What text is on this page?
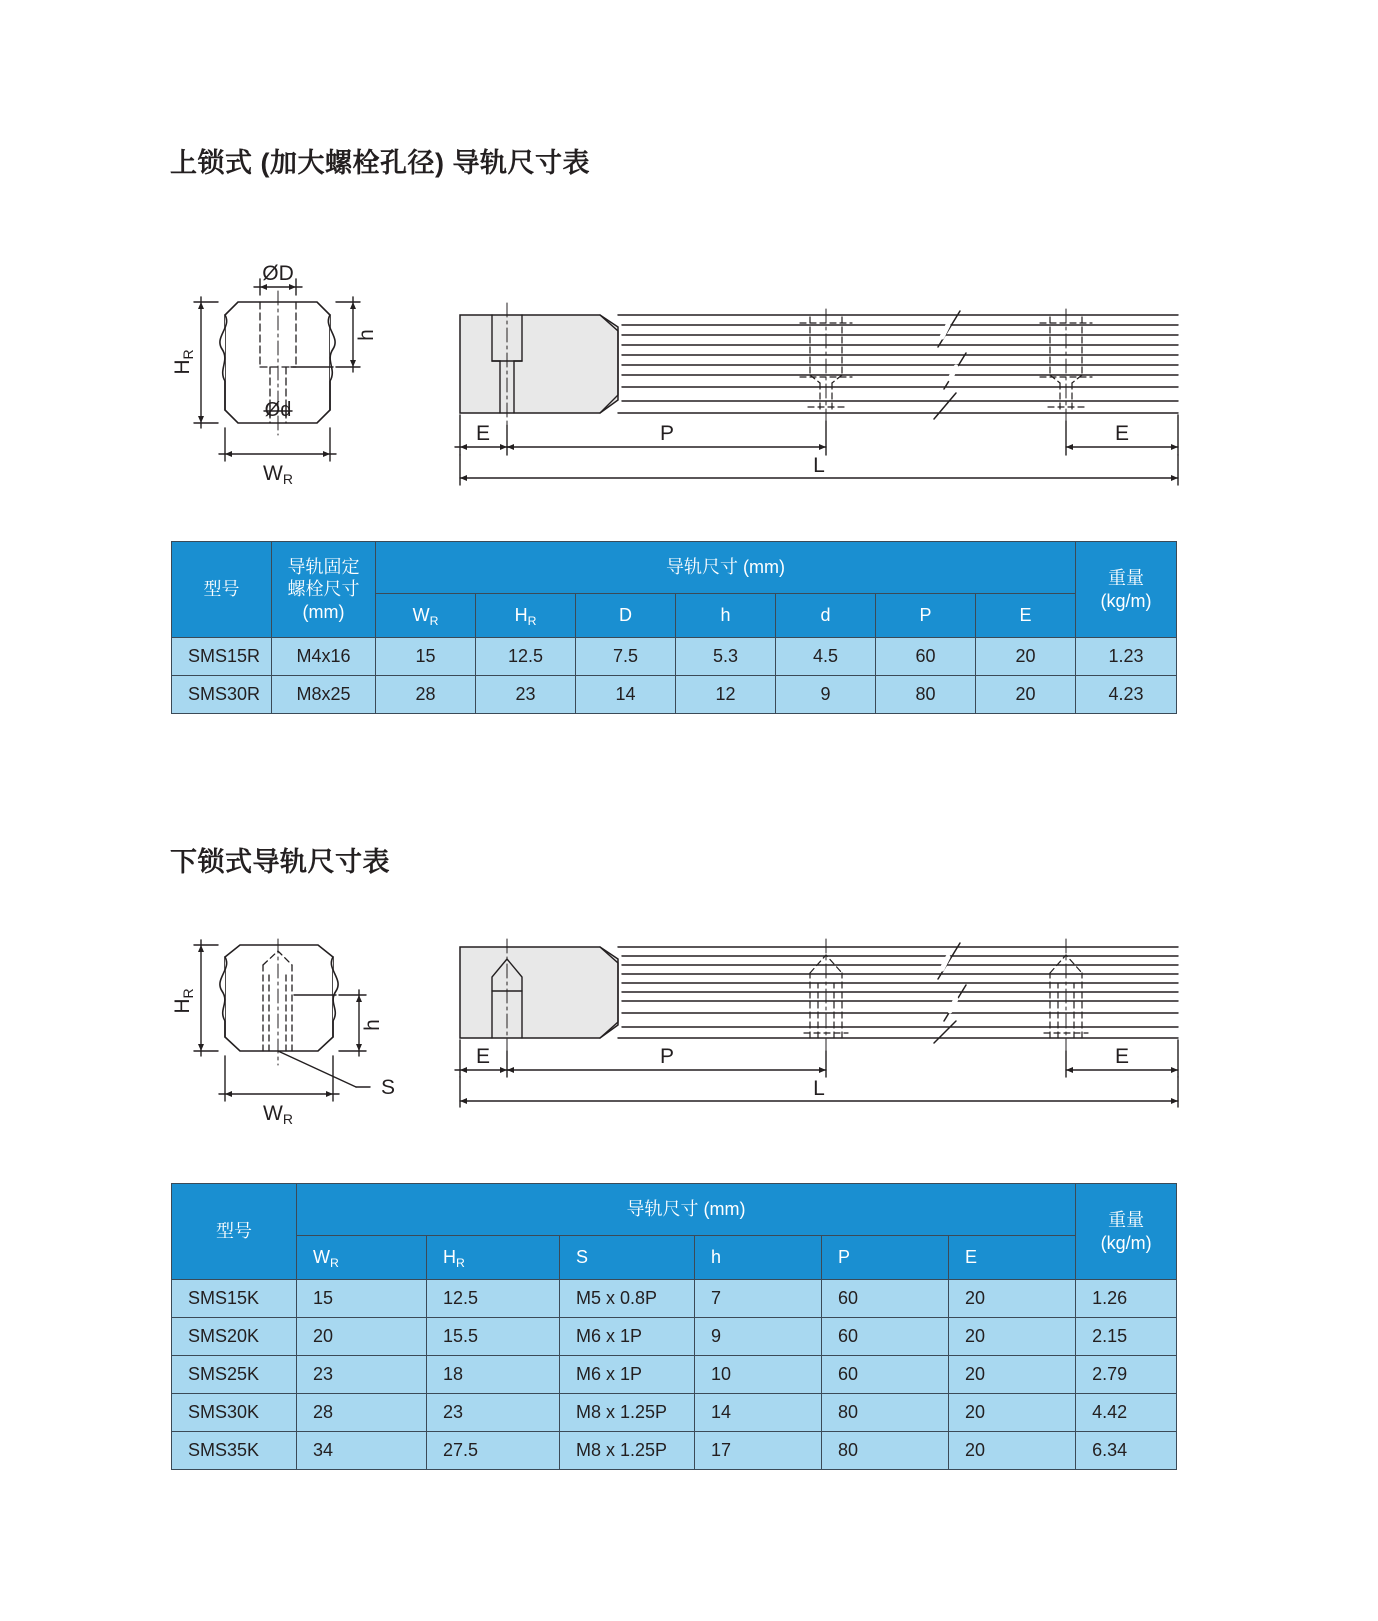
上锁式 (加大螺栓孔径) 导轨尺寸表
ØD
Ød
HR
h
WR
E	P	E
L
型号	
导轨固定
螺栓尺寸
(mm)
	导轨尺寸 (mm)	
重量
(kg/m)

		$W_R$	$H_R$	D	h	d	P	E	
SMS15R	M4x16	15	12.5	7.5	5.3	4.5	60	20	1.23
SMS30R	M8x25	28	23	14	12	9	80	20	4.23
下锁式导轨尺寸表
HR
h
WR
S
E	P	E
L
型号	导轨尺寸 (mm)						重量
(kg/m)

	$W_R$	$H_R$	S	h	P	E	
SMS15K	15	12.5	M5 x 0.8P	7	60	20	1.26
SMS20K	20	15.5	M6 x 1P	9	60	20	2.15
SMS25K	23	18	M6 x 1P	10	60	20	2.79
SMS30K	28	23	M8 x 1.25P	14	80	20	4.42
SMS35K	34	27.5	M8 x 1.25P	17	80	20	6.34
